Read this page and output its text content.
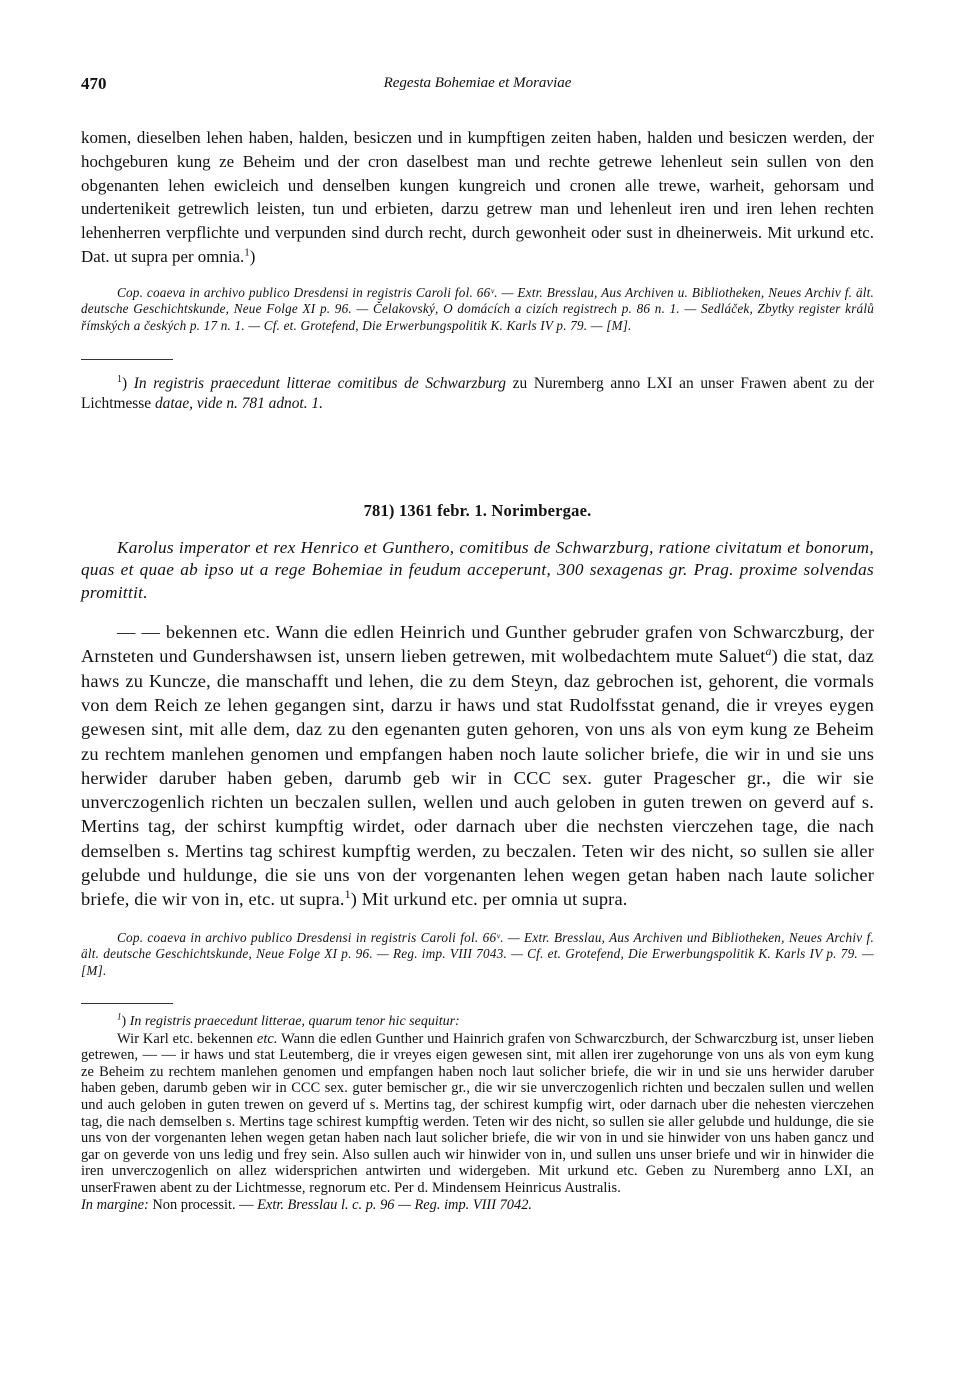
470	Regesta Bohemiae et Moraviae

komen, dieselben lehen haben, halden, besiczen und in kumpftigen zeiten haben, halden und besiczen werden, der hochgeburen kung ze Beheim und der cron daselbest man und rechte getrewe lehenleut sein sullen von den obgenanten lehen ewicleich und denselben kungen kungreich und cronen alle trewe, warheit, gehorsam und undertenikeit getrewlich leisten, tun und erbieten, darzu getrew man und lehenleut iren und iren lehen rechten lehenherren verpflichte und verpunden sind durch recht, durch gewonheit oder sust in dheinerweis. Mit urkund etc. Dat. ut supra per omnia.$^1$)

Cop. coaeva in archivo publico Dresdensi in registris Caroli fol. 66ᵛ. — Extr. Bresslau, Aus Archiven u. Bibliotheken, Neues Archiv f. ält. deutsche Geschichtskunde, Neue Folge XI p. 96. — Čelakovský, O domácích a cizích registrech p. 86 n. 1. — Sedláček, Zbytky register králů římských a českých p. 17 n. 1. — Cf. et. Grotefend, Die Erwerbungspolitik K. Karls IV p. 79. — [M].

$^1$) In registris praecedunt litterae comitibus de Schwarzburg zu Nuremberg anno LXI an unser Frawen abent zu der Lichtmesse datae, vide n. 781 adnot. 1.

781) 1361 febr. 1. Norimbergae.

Karolus imperator et rex Henrico et Gunthero, comitibus de Schwarzburg, ratione civitatum et bonorum, quas et quae ab ipso ut a rege Bohemiae in feudum acceperunt, 300 sexagenas gr. Prag. proxime solvendas promittit.

— — bekennen etc. Wann die edlen Heinrich und Gunther gebruder grafen von Schwarczburg, der Arnsteten und Gundershawsen ist, unsern lieben getrewen, mit wolbedachtem mute Saluet$^a$) die stat, daz haws zu Kuncze, die manschafft und lehen, die zu dem Steyn, daz gebrochen ist, gehorent, die vormals von dem Reich ze lehen gegangen sint, darzu ir haws und stat Rudolfsstat genand, die ir vreyes eygen gewesen sint, mit alle dem, daz zu den egenanten guten gehoren, von uns als von eym kung ze Beheim zu rechtem manlehen genomen und empfangen haben noch laute solicher briefe, die wir in und sie uns herwider daruber haben geben, darumb geb wir in CCC sex. guter Pragescher gr., die wir sie unverczogenlich richten un beczalen sullen, wellen und auch geloben in guten trewen on geverd auf s. Mertins tag, der schirst kumpftig wirdet, oder darnach uber die nechsten vierczehen tage, die nach demselben s. Mertins tag schirest kumpftig werden, zu beczalen. Teten wir des nicht, so sullen sie aller gelubde und huldunge, die sie uns von der vorgenanten lehen wegen getan haben nach laute solicher briefe, die wir von in, etc. ut supra.$^1$) Mit urkund etc. per omnia ut supra.

Cop. coaeva in archivo publico Dresdensi in registris Caroli fol. 66ᵛ. — Extr. Bresslau, Aus Archiven und Bibliotheken, Neues Archiv f. ält. deutsche Geschichtskunde, Neue Folge XI p. 96. — Reg. imp. VIII 7043. — Cf. et. Grotefend, Die Erwerbungspolitik K. Karls IV p. 79. — [M].

$^1$) In registris praecedunt litterae, quarum tenor hic sequitur:

Wir Karl etc. bekennen etc. Wann die edlen Gunther und Hainrich grafen von Schwarczburch, der Schwarczburg ist, unser lieben getrewen, — — ir haws und stat Leutemberg, die ir vreyes eigen gewesen sint, mit allen irer zugehorunge von uns als von eym kung ze Beheim zu rechtem manlehen genomen und empfangen haben noch laut solicher briefe, die wir in und sie uns herwider daruber haben geben, darumb geben wir in CCC sex. guter bemischer gr., die wir sie unverczogenlich richten und beczalen sullen und wellen und auch geloben in guten trewen on geverd uf s. Mertins tag, der schirest kumpfig wirt, oder darnach uber die nehesten vierczehen tag, die nach demselben s. Mertins tage schirest kumpftig werden. Teten wir des nicht, so sullen sie aller gelubde und huldunge, die sie uns von der vorgenanten lehen wegen getan haben nach laut solicher briefe, die wir von in und sie hinwider von uns haben gancz und gar on geverde von uns ledig und frey sein. Also sullen auch wir hinwider von in, und sullen uns unser briefe und wir in hinwider die iren unverczogenlich on allez widersprichen antwirten und widergeben. Mit urkund etc. Geben zu Nuremberg anno LXI, an unserFrawen abent zu der Lichtmesse, regnorum etc. Per d. Mindensem Heinricus Australis.

In margine: Non processit. — Extr. Bresslau l. c. p. 96 — Reg. imp. VIII 7042.
